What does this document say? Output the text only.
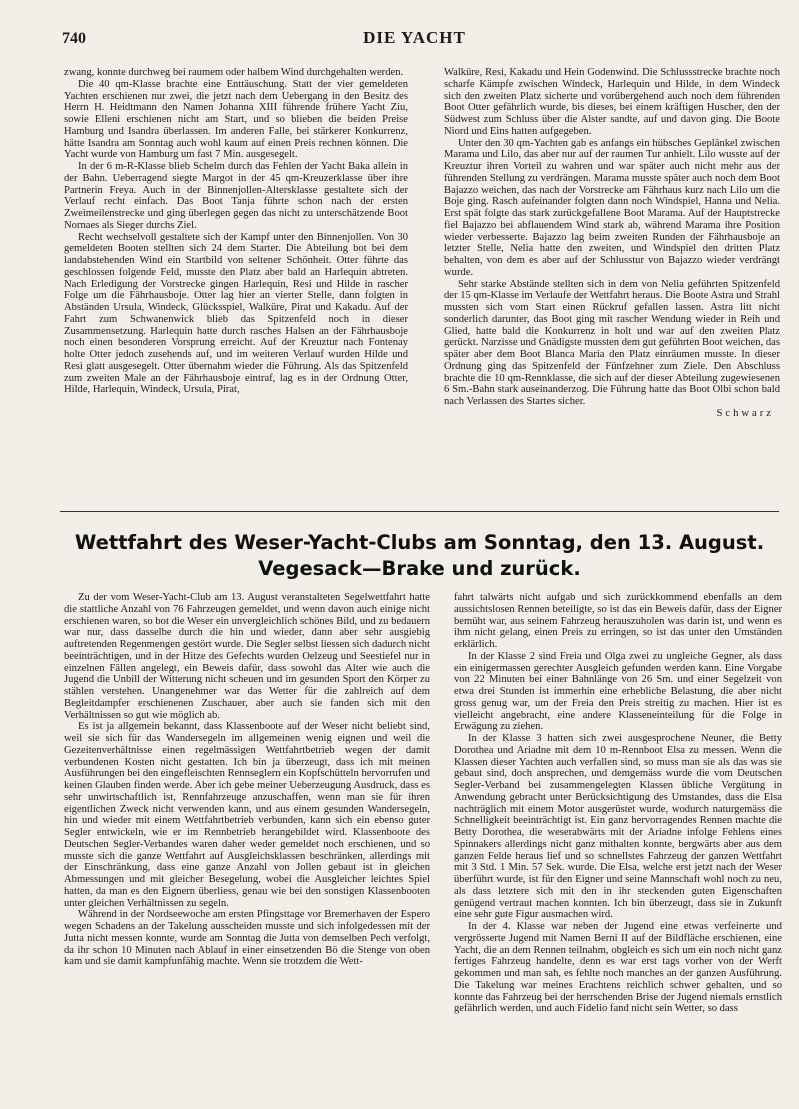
740	DIE YACHT

zwang, konnte durchweg bei raumem oder halbem Wind durchgehalten werden.

Die 40 qm-Klasse brachte eine Enttäuschung. Statt der vier gemeldeten Yachten erschienen nur zwei, die jetzt nach dem Uebergang in den Besitz des Herrn H. Heidtmann den Namen Johanna XIII führende frühere Yacht Ziu, sowie Elleni erschienen nicht am Start, und so blieben die beiden Preise Hamburg und Isandra überlassen. Im anderen Falle, bei stärkerer Konkurrenz, hätte Isandra am Sonntag auch wohl kaum auf einen Preis rechnen können. Die Yacht wurde von Hamburg um fast 7 Min. ausgesegelt.

In der 6 m-R-Klasse blieb Schelm durch das Fehlen der Yacht Baka allein in der Bahn. Ueberragend siegte Margot in der 45 qm-Kreuzerklasse über ihre Partnerin Freya. Auch in der Binnenjollen-Altersklasse gestaltete sich der Verlauf recht einfach. Das Boot Tanja führte schon nach der ersten Zweimeilenstrecke und ging überlegen gegen das nicht zu unterschätzende Boot Nornaes als Sieger durchs Ziel.

Recht wechselvoll gestaltete sich der Kampf unter den Binnenjollen. Von 30 gemeldeten Booten stellten sich 24 dem Starter. Die Abteilung bot bei dem landabstehenden Wind ein Startbild von seltener Schönheit. Otter führte das geschlossen folgende Feld, musste den Platz aber bald an Harlequin abtreten. Nach Erledigung der Vorstrecke gingen Harlequin, Resi und Hilde in rascher Folge um die Fährhausboje. Otter lag hier an vierter Stelle, dann folgten in Abständen Ursula, Windeck, Glücksspiel, Walküre, Pirat und Kakadu. Auf der Fahrt zum Schwanenwick blieb das Spitzenfeld noch in dieser Zusammensetzung. Harlequin hatte durch rasches Halsen an der Fährhausboje noch einen besonderen Vorsprung erreicht. Auf der Kreuztur nach Fontenay holte Otter jedoch zusehends auf, und im weiteren Verlauf wurden Hilde und Resi glatt ausgesegelt. Otter übernahm wieder die Führung. Als das Spitzenfeld zum zweiten Male an der Fährhausboje eintraf, lag es in der Ordnung Otter, Hilde, Harlequin, Windeck, Ursula, Pirat,

Walküre, Resi, Kakadu und Hein Godenwind. Die Schlussstrecke brachte noch scharfe Kämpfe zwischen Windeck, Harlequin und Hilde, in dem Windeck sich den zweiten Platz sicherte und vorübergehend auch noch dem führenden Boot Otter gefährlich wurde, bis dieses, bei einem kräftigen Huscher, den der Südwest zum Schluss über die Alster sandte, auf und davon ging. Die Boote Niord und Eins hatten aufgegeben.

Unter den 30 qm-Yachten gab es anfangs ein hübsches Geplänkel zwischen Marama und Lilo, das aber nur auf der raumen Tur anhielt. Lilo wusste auf der Kreuztur ihren Vorteil zu wahren und war später auch nicht mehr aus der führenden Stellung zu verdrängen. Marama musste später auch noch dem Boot Bajazzo weichen, das nach der Vorstrecke am Fährhaus kurz nach Lilo um die Boje ging. Rasch aufeinander folgten dann noch Windspiel, Hanna und Nelia. Erst spät folgte das stark zurückgefallene Boot Marama. Auf der Hauptstrecke fiel Bajazzo bei abflauendem Wind stark ab, während Marama ihre Position wieder verbesserte. Bajazzo lag beim zweiten Runden der Fährhausboje an letzter Stelle, Nelia hatte den zweiten, und Windspiel den dritten Platz behalten, von dem es aber auf der Schlusstur von Bajazzo wieder verdrängt wurde.

Sehr starke Abstände stellten sich in dem von Nelia geführten Spitzenfeld der 15 qm-Klasse im Verlaufe der Wettfahrt heraus. Die Boote Astra und Strahl mussten sich vom Start einen Rückruf gefallen lassen. Astra litt nicht sonderlich darunter, das Boot ging mit rascher Wendung wieder in Reih und Glied, hatte bald die Konkurrenz in holt und war auf den zweiten Platz gerückt. Narzisse und Gnädigste mussten dem gut geführten Boot weichen, das später aber dem Boot Blanca Maria den Platz einräumen musste. In dieser Ordnung ging das Spitzenfeld der Fünfzehner zum Ziele. Den Abschluss brachte die 10 qm-Rennklasse, die sich auf der dieser Abteilung zugewiesenen 6 Sm.-Bahn stark auseinanderzog. Die Führung hatte das Boot Olbi schon bald nach Verlassen des Startes sicher.

Schwarz
Wettfahrt des Weser-Yacht-Clubs am Sonntag, den 13. August.
Vegesack—Brake und zurück.

Zu der vom Weser-Yacht-Club am 13. August veranstalteten Segelwettfahrt hatte die stattliche Anzahl von 76 Fahrzeugen gemeldet, und wenn davon auch einige nicht erschienen waren, so bot die Weser ein unvergleichlich schönes Bild, und zu bedauern war nur, dass dasselbe durch die hin und wieder, dann aber sehr ausgiebig auftretenden Regenmengen gestört wurde. Die Segler selbst liessen sich dadurch nicht beeinträchtigen, und in der Hitze des Gefechts wurden Oelzeug und Seestiefel nur in einzelnen Fällen angelegt, ein Beweis dafür, dass sowohl das Alter wie auch die Jugend die Unbill der Witterung nicht scheuen und im gesunden Sport den Körper zu stählen verstehen. Unangenehmer war das Wetter für die zahlreich auf dem Begleitdampfer erschienenen Zuschauer, aber auch sie fanden sich mit den Verhältnissen so gut wie möglich ab.

Es ist ja allgemein bekannt, dass Klassenboote auf der Weser nicht beliebt sind, weil sie sich für das Wandersegeln im allgemeinen wenig eignen und weil die Gezeitenverhältnisse einen regelmässigen Wettfahrtbetrieb wegen der damit verbundenen Kosten nicht gestatten. Ich bin ja überzeugt, dass ich mit meinen Ausführungen bei den eingefleischten Rennseglern ein Kopfschütteln hervorrufen und keinen Glauben finden werde. Aber ich gebe meiner Ueberzeugung Ausdruck, dass es sehr unwirtschaftlich ist, Rennfahrzeuge anzuschaffen, wenn man sie für ihren eigentlichen Zweck nicht verwenden kann, und aus einem gesunden Wandersegeln, hin und wieder mit einem Wettfahrtbetrieb verbunden, kann sich ein ebenso guter Segler entwickeln, wie er im Rennbetrieb herangebildet wird. Klassenboote des Deutschen Segler-Verbandes waren daher weder gemeldet noch erschienen, und so musste sich die ganze Wettfahrt auf Ausgleichsklassen beschränken, allerdings mit der Einschränkung, dass eine ganze Anzahl von Jollen gebaut ist in gleichen Abmessungen und mit gleicher Besegelung, wobei die Ausgleicher leichtes Spiel hatten, da man es den Eignern überliess, genau wie bei den sonstigen Klassenbooten unter gleichen Verhältnissen zu segeln.

Während in der Nordseewoche am ersten Pfingsttage vor Bremerhaven der Espero wegen Schadens an der Takelung ausscheiden musste und sich infolgedessen mit der Jutta nicht messen konnte, wurde am Sonntag die Jutta von demselben Pech verfolgt, da ihr schon 10 Minuten nach Ablauf in einer einsetzenden Bö die Stenge von oben kam und sie damit kampfunfähig machte. Wenn sie trotzdem die Wett-

fahrt talwärts nicht aufgab und sich zurückkommend ebenfalls an dem aussichtslosen Rennen beteiligte, so ist das ein Beweis dafür, dass der Eigner bemüht war, aus seinem Fahrzeug herauszuholen was darin ist, und wenn es ihm nicht gelang, einen Preis zu erringen, so ist das unter den Umständen erklärlich.

In der Klasse 2 sind Freia und Olga zwei zu ungleiche Gegner, als dass ein einigermassen gerechter Ausgleich gefunden werden kann. Eine Vorgabe von 22 Minuten bei einer Bahnlänge von 26 Sm. und einer Segelzeit von etwa drei Stunden ist immerhin eine erhebliche Belastung, die aber nicht gross genug war, um der Freia den Preis streitig zu machen. Hier ist es vielleicht angebracht, eine andere Klasseneinteilung für die Folge in Erwägung zu ziehen.

In der Klasse 3 hatten sich zwei ausgesprochene Neuner, die Betty Dorothea und Ariadne mit dem 10 m-Rennboot Elsa zu messen. Wenn die Klassen dieser Yachten auch verfallen sind, so muss man sie als das was sie gebaut sind, doch ansprechen, und demgemäss wurde die vom Deutschen Segler-Verband bei zusammengelegten Klassen übliche Vergütung in Anwendung gebracht unter Berücksichtigung des Umstandes, dass die Elsa nachträglich mit einem Motor ausgerüstet wurde, wodurch naturgemäss die Schnelligkeit beeinträchtigt ist. Ein ganz hervorragendes Rennen machte die Betty Dorothea, die weserabwärts mit der Ariadne infolge Fehlens eines Spinnakers allerdings nicht ganz mithalten konnte, bergwärts aber aus dem ganzen Felde heraus lief und so schnellstes Fahrzeug der ganzen Wettfahrt mit 3 Std. 1 Min. 57 Sek. wurde. Die Elsa, welche erst jetzt nach der Weser überführt wurde, ist für den Eigner und seine Mannschaft wohl noch zu neu, als dass letztere sich mit den in ihr steckenden guten Eigenschaften genügend vertraut machen konnten. Ich bin überzeugt, dass sie in Zukunft eine sehr gute Figur ausmachen wird.

In der 4. Klasse war neben der Jugend eine etwas verfeinerte und vergrösserte Jugend mit Namen Berni II auf der Bildfläche erschienen, eine Yacht, die an dem Rennen teilnahm, obgleich es sich um ein noch nicht ganz fertiges Fahrzeug handelte, denn es war erst tags vorher von der Werft gekommen und man sah, es fehlte noch manches an der ganzen Ausführung. Die Takelung war meines Erachtens reichlich schwer gehalten, und so konnte das Fahrzeug bei der herrschenden Brise der Jugend niemals ernstlich gefährlich werden, und auch Fidelio fand nicht sein Wetter, so dass
